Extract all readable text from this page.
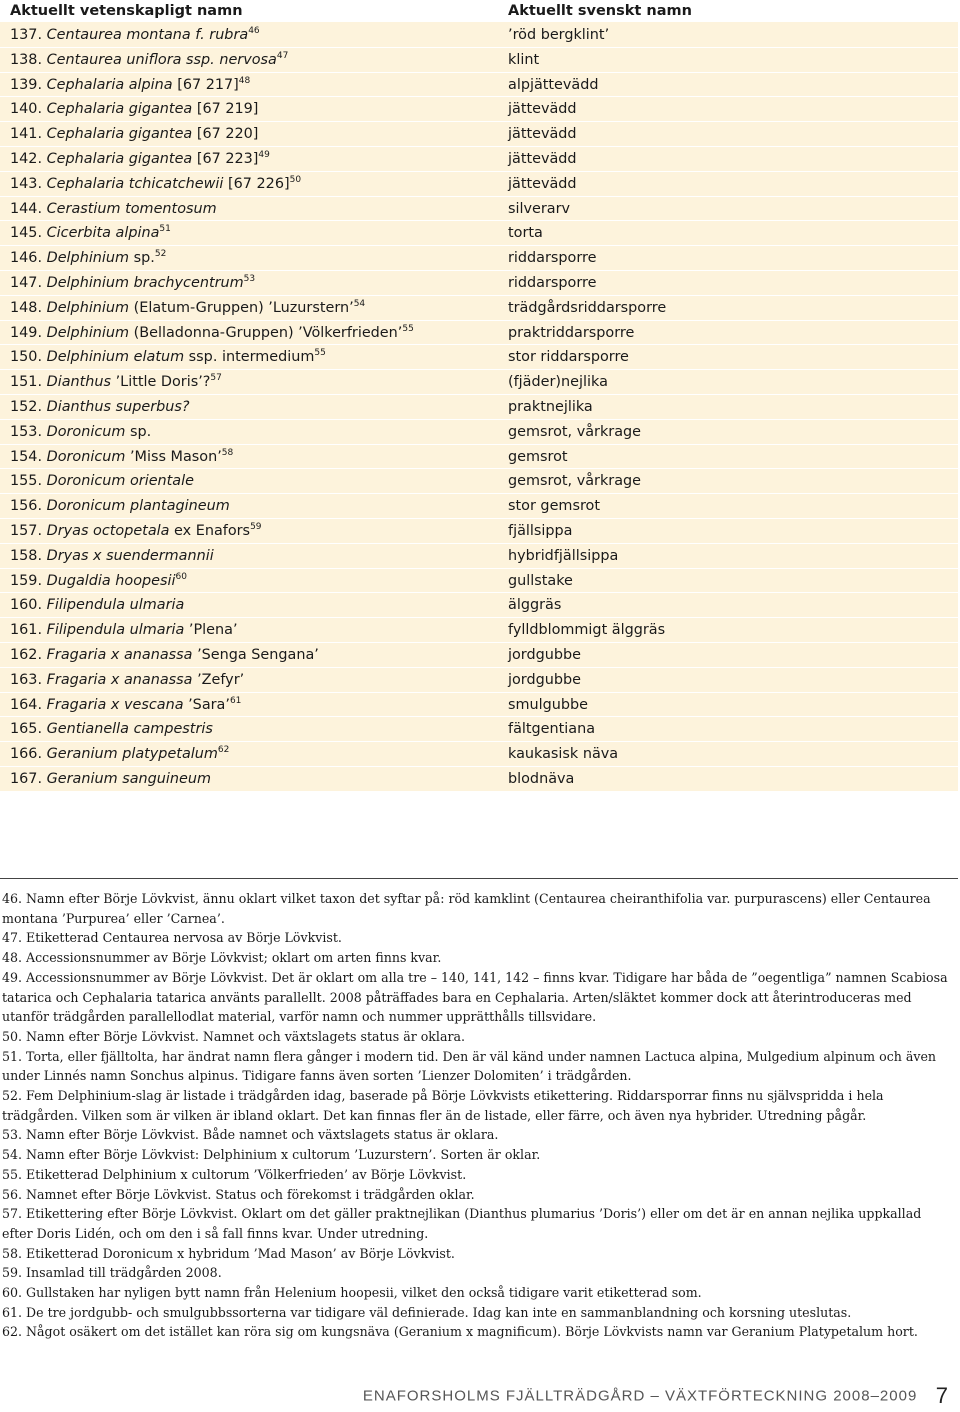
Aktuellt vetenskapligt namn	Aktuellt svenskt namn
137. Centaurea montana f. rubra$^{46}$	’röd bergklint’
138. Centaurea uniflora ssp. nervosa$^{47}$	klint
139. Cephalaria alpina [67 217]$^{48}$	alpjättevädd
140. Cephalaria gigantea [67 219]	jättevädd
141. Cephalaria gigantea [67 220]	jättevädd
142. Cephalaria gigantea [67 223]$^{49}$	jättevädd
143. Cephalaria tchicatchewii [67 226]$^{50}$	jättevädd
144. Cerastium tomentosum	silverarv
145. Cicerbita alpina$^{51}$	torta
146. Delphinium sp.$^{52}$	riddarsporre
147. Delphinium brachycentrum$^{53}$	riddarsporre
148. Delphinium (Elatum-Gruppen) ’Luzurstern’$^{54}$	trädgårdsriddarsporre
149. Delphinium (Belladonna-Gruppen) ’Völkerfrieden’$^{55}$	praktriddarsporre
150. Delphinium elatum ssp. intermedium$^{55}$	stor riddarsporre
151. Dianthus ’Little Doris’?$^{57}$	(fjäder)nejlika
152. Dianthus superbus?	praktnejlika
153. Doronicum sp.	gemsrot, vårkrage
154. Doronicum ’Miss Mason’$^{58}$	gemsrot
155. Doronicum orientale	gemsrot, vårkrage
156. Doronicum plantagineum	stor gemsrot
157. Dryas octopetala ex Enafors$^{59}$	fjällsippa
158. Dryas x suendermannii	hybridfjällsippa
159. Dugaldia hoopesii$^{60}$	gullstake
160. Filipendula ulmaria	älggräs
161. Filipendula ulmaria ’Plena’	fylldblommigt älggräs
162. Fragaria x ananassa ’Senga Sengana’	jordgubbe
163. Fragaria x ananassa ’Zefyr’	jordgubbe
164. Fragaria x vescana ’Sara’$^{61}$	smulgubbe
165. Gentianella campestris	fältgentiana
166. Geranium platypetalum$^{62}$	kaukasisk näva
167. Geranium sanguineum	blodnäva

46. Namn efter Börje Lövkvist, ännu oklart vilket taxon det syftar på: röd kamklint (Centaurea cheiranthifolia var. purpurascens) eller Centaurea montana ’Purpurea’ eller ’Carnea’.

47. Etiketterad Centaurea nervosa av Börje Lövkvist.

48. Accessionsnummer av Börje Lövkvist; oklart om arten finns kvar.

49. Accessionsnummer av Börje Lövkvist. Det är oklart om alla tre – 140, 141, 142 – finns kvar. Tidigare har båda de ”oegentliga” namnen Scabiosa tatarica och Cephalaria tatarica använts parallellt. 2008 påträffades bara en Cephalaria. Arten/släktet kommer dock att återintroduceras med utanför trädgården parallellodlat material, varför namn och nummer upprätthålls tillsvidare.

50. Namn efter Börje Lövkvist. Namnet och växtslagets status är oklara.

51. Torta, eller fjälltolta, har ändrat namn flera gånger i modern tid. Den är väl känd under namnen Lactuca alpina, Mulgedium alpinum och även under Linnés namn Sonchus alpinus. Tidigare fanns även sorten ’Lienzer Dolomiten’ i trädgården.

52. Fem Delphinium-slag är listade i trädgården idag, baserade på Börje Lövkvists etikettering. Riddarsporrar finns nu självspridda i hela trädgården. Vilken som är vilken är ibland oklart. Det kan finnas fler än de listade, eller färre, och även nya hybrider. Utredning pågår.

53. Namn efter Börje Lövkvist. Både namnet och växtslagets status är oklara.

54. Namn efter Börje Lövkvist: Delphinium x cultorum ’Luzurstern’. Sorten är oklar.

55. Etiketterad Delphinium x cultorum ’Völkerfrieden’ av Börje Lövkvist.

56. Namnet efter Börje Lövkvist. Status och förekomst i trädgården oklar.

57. Etikettering efter Börje Lövkvist. Oklart om det gäller praktnejlikan (Dianthus plumarius ’Doris’) eller om det är en annan nejlika uppkallad efter Doris Lidén, och om den i så fall finns kvar. Under utredning.

58. Etiketterad Doronicum x hybridum ’Mad Mason’ av Börje Lövkvist.

59. Insamlad till trädgården 2008.

60. Gullstaken har nyligen bytt namn från Helenium hoopesii, vilket den också tidigare varit etiketterad som.

61. De tre jordgubb- och smulgubbssorterna var tidigare väl definierade. Idag kan inte en sammanblandning och korsning uteslutas.

62. Något osäkert om det istället kan röra sig om kungsnäva (Geranium x magnificum). Börje Lövkvists namn var Geranium Platypetalum hort.

ENAFORSHOLMS FJÄLLTRÄDGÅRD – VÄXTFÖRTECKNING 2008–2009 7
